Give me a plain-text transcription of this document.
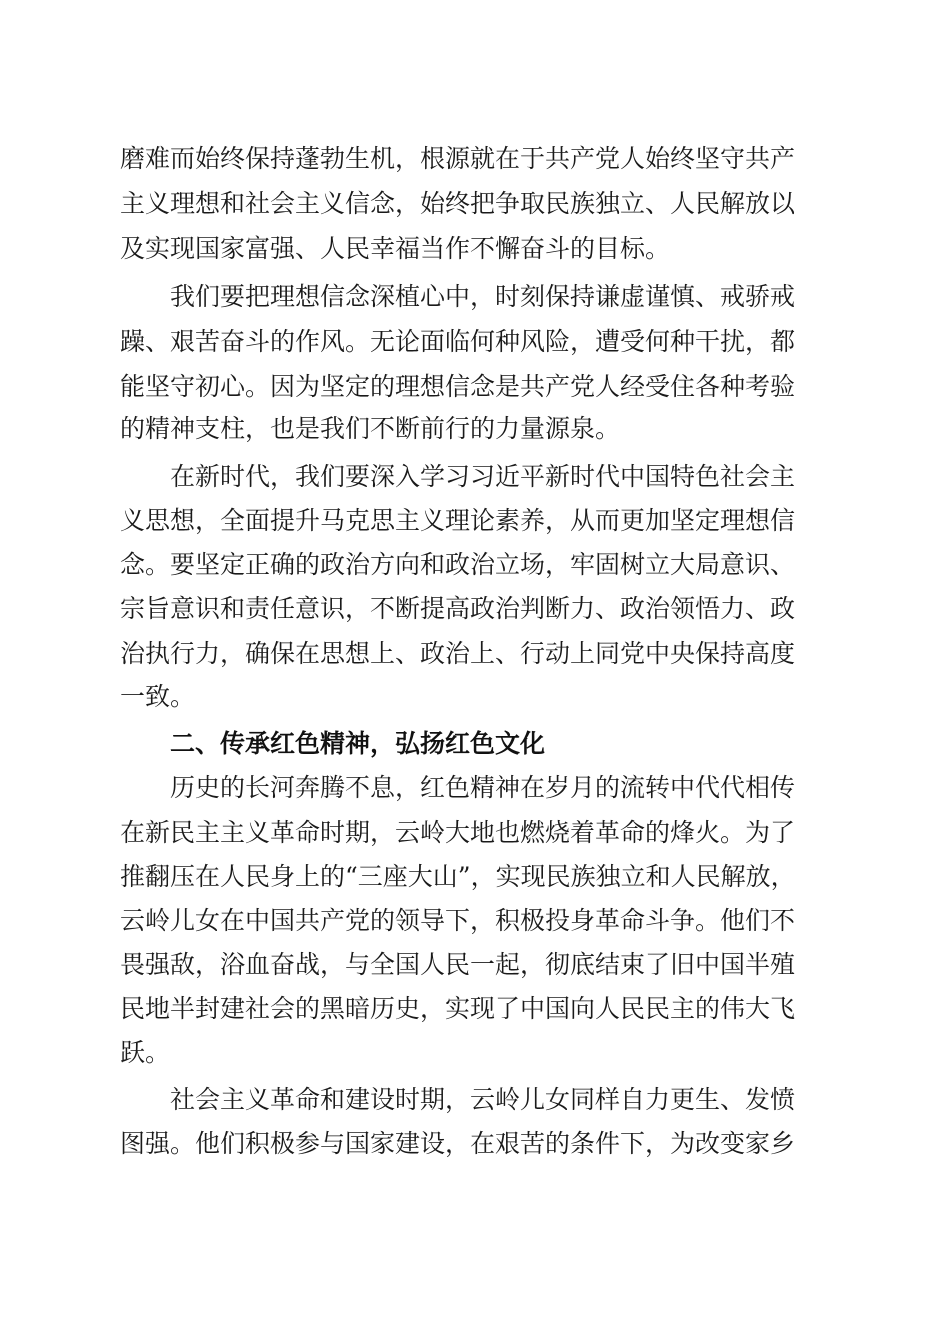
磨难而始终保持蓬勃生机，根源就在于共产党人始终坚守共产
主义理想和社会主义信念，始终把争取民族独立、人民解放以
及实现国家富强、人民幸福当作不懈奋斗的目标。
我们要把理想信念深植心中，时刻保持谦虚谨慎、戒骄戒
躁、艰苦奋斗的作风。无论面临何种风险，遭受何种干扰，都
能坚守初心。因为坚定的理想信念是共产党人经受住各种考验
的精神支柱，也是我们不断前行的力量源泉。
在新时代，我们要深入学习习近平新时代中国特色社会主
义思想，全面提升马克思主义理论素养，从而更加坚定理想信
念。要坚定正确的政治方向和政治立场，牢固树立大局意识、
宗旨意识和责任意识，不断提高政治判断力、政治领悟力、政
治执行力，确保在思想上、政治上、行动上同党中央保持高度
一致。
二、传承红色精神，弘扬红色文化
历史的长河奔腾不息，红色精神在岁月的流转中代代相传
在新民主主义革命时期，云岭大地也燃烧着革命的烽火。为了
推翻压在人民身上的“三座大山”，实现民族独立和人民解放，
云岭儿女在中国共产党的领导下，积极投身革命斗争。他们不
畏强敌，浴血奋战，与全国人民一起，彻底结束了旧中国半殖
民地半封建社会的黑暗历史，实现了中国向人民民主的伟大飞
跃。
社会主义革命和建设时期，云岭儿女同样自力更生、发愤
图强。他们积极参与国家建设，在艰苦的条件下，为改变家乡
